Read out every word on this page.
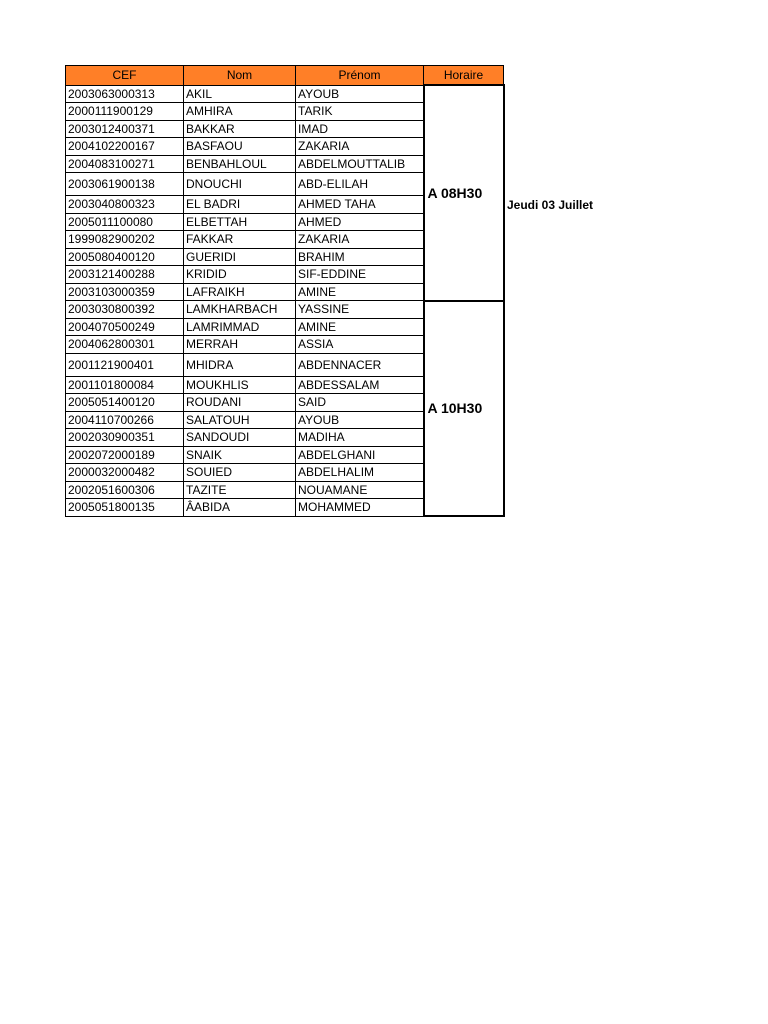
CEF	Nom	Prénom	Horaire
2003063000313	AKIL	AYOUB	A 08H30
2000111900129	AMHIRA	TARIK	
2003012400371	BAKKAR	IMAD	
2004102200167	BASFAOU	ZAKARIA	
2004083100271	BENBAHLOUL	ABDELMOUTTALIB	
2003061900138	DNOUCHI	ABD-ELILAH	
2003040800323	EL BADRI	AHMED TAHA	
2005011100080	ELBETTAH	AHMED	
1999082900202	FAKKAR	ZAKARIA	
2005080400120	GUERIDI	BRAHIM	
2003121400288	KRIDID	SIF-EDDINE	
2003103000359	LAFRAIKH	AMINE	
2003030800392	LAMKHARBACH	YASSINE	A 10H30
2004070500249	LAMRIMMAD	AMINE	
2004062800301	MERRAH	ASSIA	
2001121900401	MHIDRA	ABDENNACER	
2001101800084	MOUKHLIS	ABDESSALAM	
2005051400120	ROUDANI	SAID	
2004110700266	SALATOUH	AYOUB	
2002030900351	SANDOUDI	MADIHA	
2002072000189	SNAIK	ABDELGHANI	
2000032000482	SOUIED	ABDELHALIM	
2002051600306	TAZITE	NOUAMANE	
2005051800135	ÂABIDA	MOHAMMED	
Jeudi 03 Juillet
